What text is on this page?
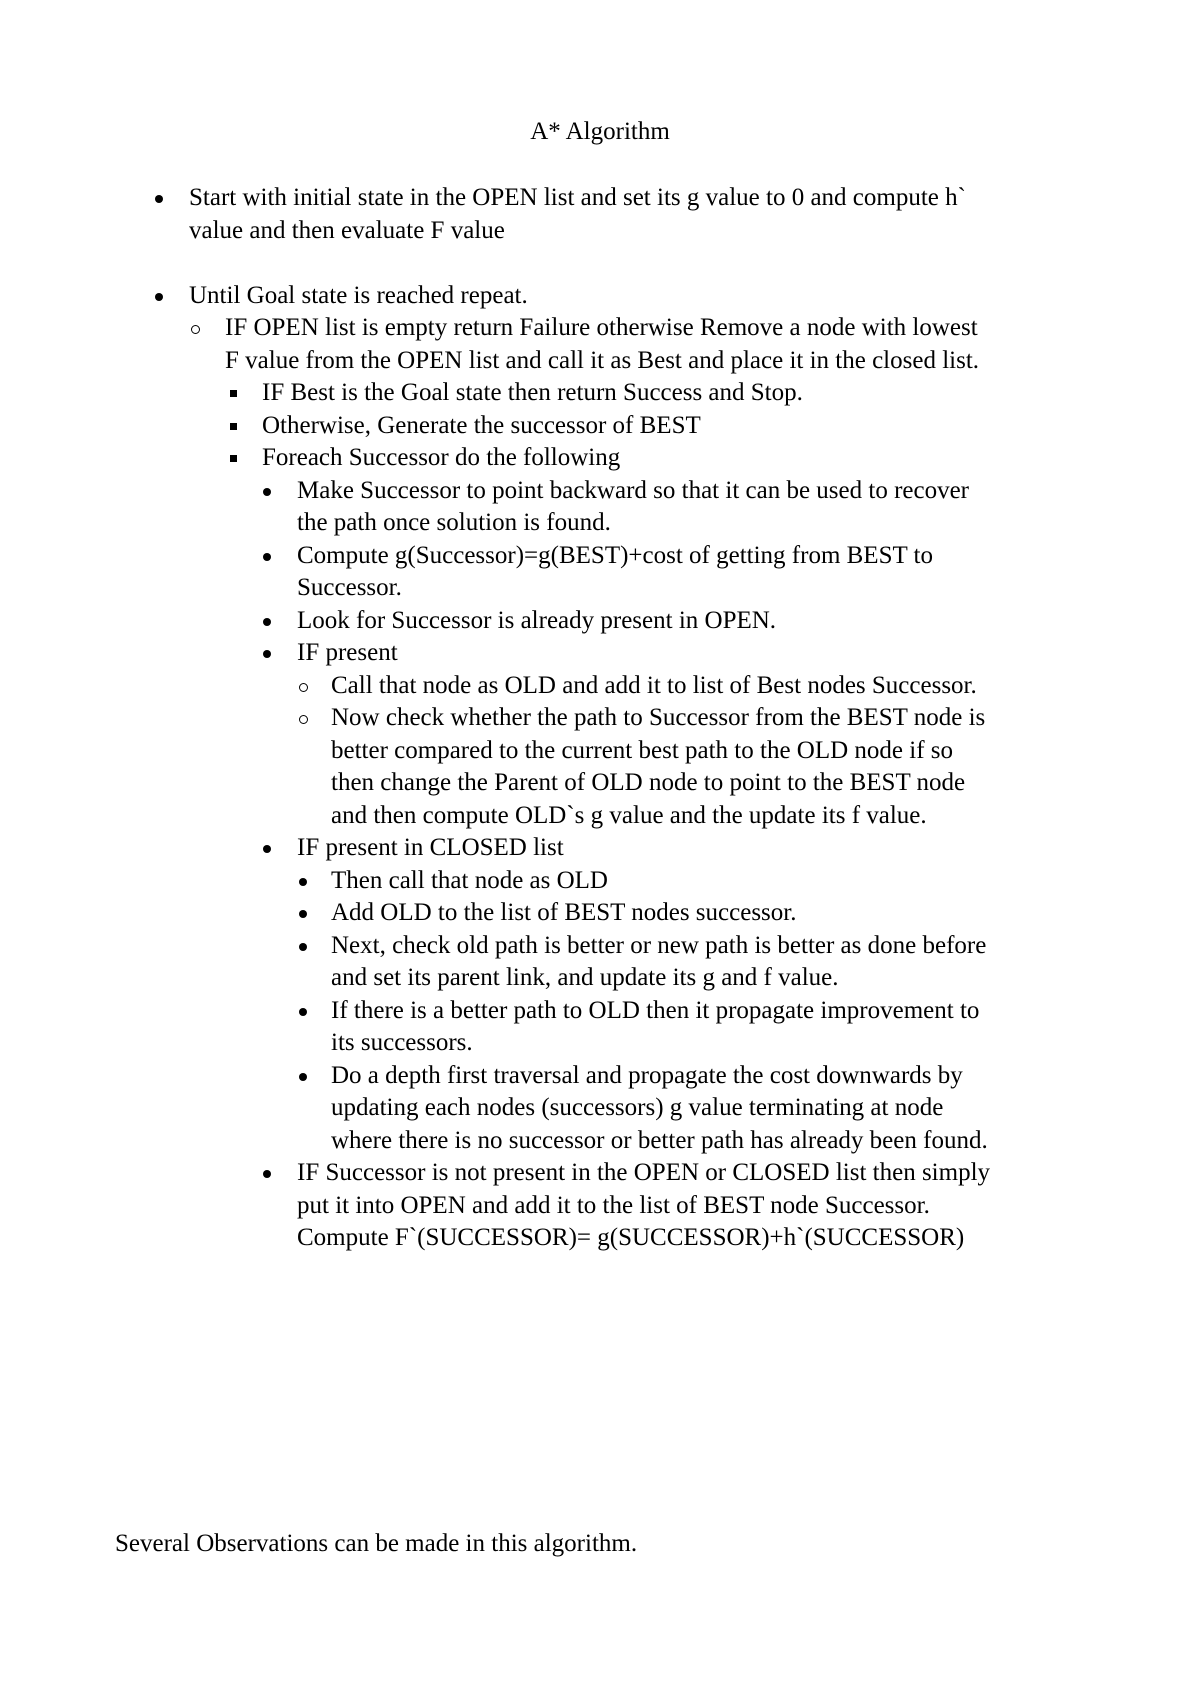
A* Algorithm
Start with initial state in the OPEN list and set its g value to 0 and compute h`
value and then evaluate F value
Until Goal state is reached repeat.
IF OPEN list is empty return Failure otherwise Remove a node with lowest
F value from the OPEN list and call it as Best and place it in the closed list.
IF Best is the Goal state then return Success and Stop.
Otherwise, Generate the successor of BEST
Foreach Successor do the following
Make Successor to point backward so that it can be used to recover
the path once solution is found.
Compute g(Successor)=g(BEST)+cost of getting from BEST to
Successor.
Look for Successor is already present in OPEN.
IF present
Call that node as OLD and add it to list of Best nodes Successor.
Now check whether the path to Successor from the BEST node is
better compared to the current best path to the OLD node if so
then change the Parent of OLD node to point to the BEST node
and then compute OLD`s g value and the update its f value.
IF present in CLOSED list
Then call that node as OLD
Add OLD to the list of BEST nodes successor.
Next, check old path is better or new path is better as done before
and set its parent link, and update its g and f value.
If there is a better path to OLD then it propagate improvement to
its successors.
Do a depth first traversal and propagate the cost downwards by
updating each nodes (successors) g value terminating at node
where there is no successor or better path has already been found.
IF Successor is not present in the OPEN or CLOSED list then simply
put it into OPEN and add it to the list of BEST node Successor.
Compute F`(SUCCESSOR)= g(SUCCESSOR)+h`(SUCCESSOR)
Several Observations can be made in this algorithm.
